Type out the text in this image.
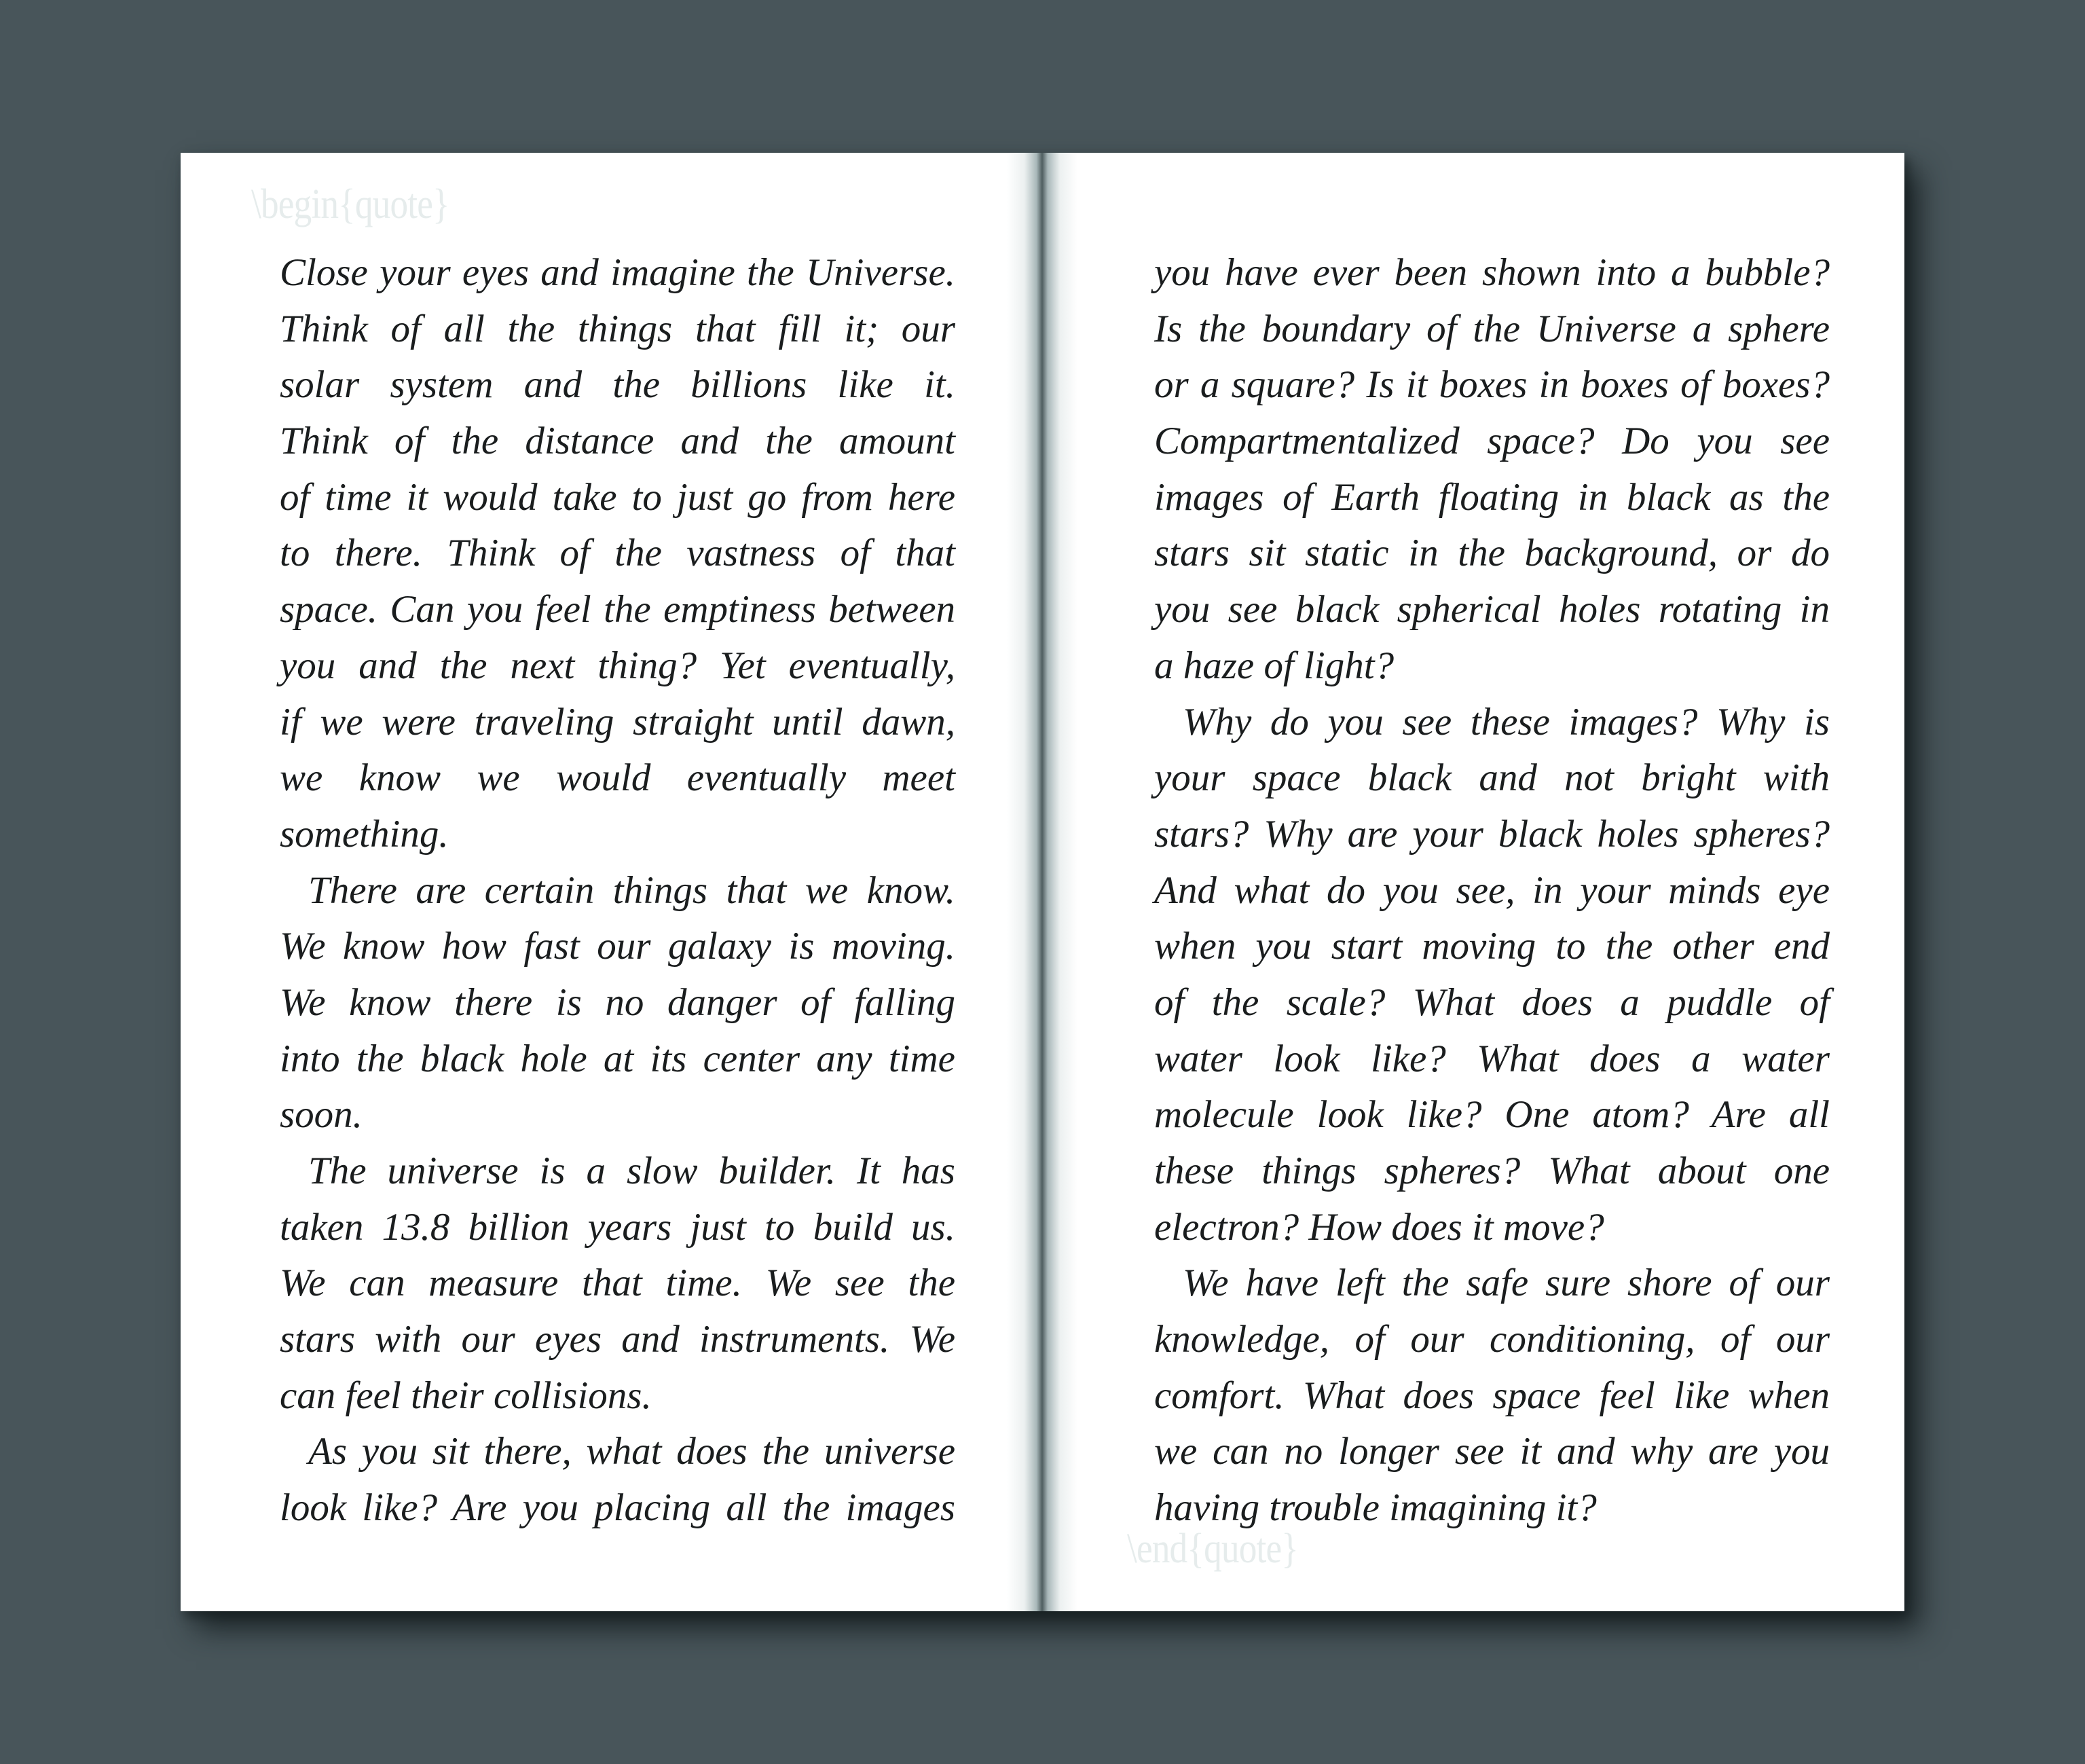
\begin{quote}
Close your eyes and imagine the Universe.
Think of all the things that fill it; our
solar system and the billions like it.
Think of the distance and the amount
of time it would take to just go from here
to there. Think of the vastness of that
space. Can you feel the emptiness between
you and the next thing? Yet eventually,
if we were traveling straight until dawn,
we know we would eventually meet
something.
There are certain things that we know.
We know how fast our galaxy is moving.
We know there is no danger of falling
into the black hole at its center any time
soon.
The universe is a slow builder. It has
taken 13.8 billion years just to build us.
We can measure that time. We see the
stars with our eyes and instruments. We
can feel their collisions.
As you sit there, what does the universe
look like? Are you placing all the images
you have ever been shown into a bubble?
Is the boundary of the Universe a sphere
or a square? Is it boxes in boxes of boxes?
Compartmentalized space? Do you see
images of Earth floating in black as the
stars sit static in the background, or do
you see black spherical holes rotating in
a haze of light?
Why do you see these images? Why is
your space black and not bright with
stars? Why are your black holes spheres?
And what do you see, in your minds eye
when you start moving to the other end
of the scale? What does a puddle of
water look like? What does a water
molecule look like? One atom? Are all
these things spheres? What about one
electron? How does it move?
We have left the safe sure shore of our
knowledge, of our conditioning, of our
comfort. What does space feel like when
we can no longer see it and why are you
having trouble imagining it?
\end{quote}
